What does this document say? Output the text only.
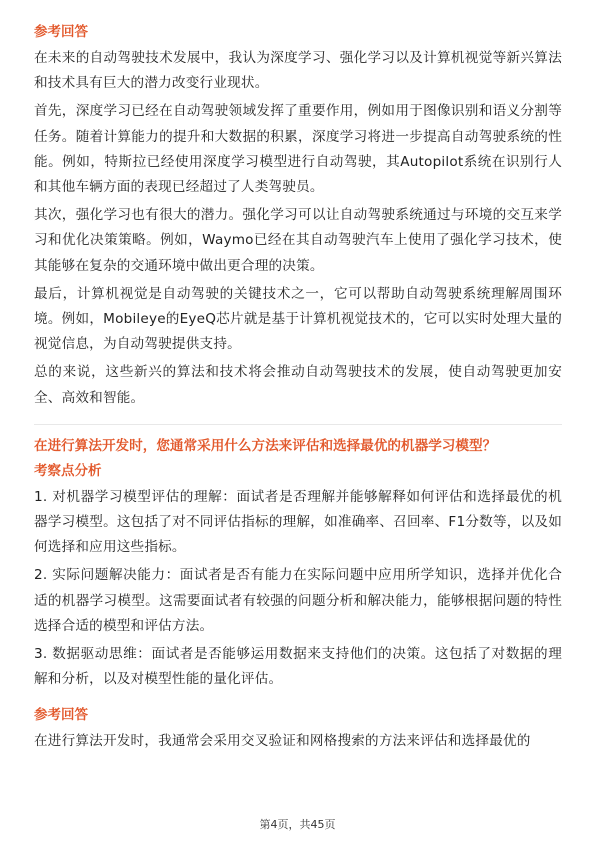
参考回答
在未来的自动驾驶技术发展中，我认为深度学习、强化学习以及计算机视觉等新兴算法和技术具有巨大的潜力改变行业现状。
首先，深度学习已经在自动驾驶领域发挥了重要作用，例如用于图像识别和语义分割等任务。随着计算能力的提升和大数据的积累，深度学习将进一步提高自动驾驶系统的性能。例如，特斯拉已经使用深度学习模型进行自动驾驶，其Autopilot系统在识别行人和其他车辆方面的表现已经超过了人类驾驶员。
其次，强化学习也有很大的潜力。强化学习可以让自动驾驶系统通过与环境的交互来学习和优化决策策略。例如，Waymo已经在其自动驾驶汽车上使用了强化学习技术，使其能够在复杂的交通环境中做出更合理的决策。
最后，计算机视觉是自动驾驶的关键技术之一，它可以帮助自动驾驶系统理解周围环境。例如，Mobileye的EyeQ芯片就是基于计算机视觉技术的，它可以实时处理大量的视觉信息，为自动驾驶提供支持。
总的来说，这些新兴的算法和技术将会推动自动驾驶技术的发展，使自动驾驶更加安全、高效和智能。
在进行算法开发时，您通常采用什么方法来评估和选择最优的机器学习模型？
考察点分析
1. 对机器学习模型评估的理解：面试者是否理解并能够解释如何评估和选择最优的机器学习模型。这包括了对不同评估指标的理解，如准确率、召回率、F1分数等，以及如何选择和应用这些指标。
2. 实际问题解决能力：面试者是否有能力在实际问题中应用所学知识，选择并优化合适的机器学习模型。这需要面试者有较强的问题分析和解决能力，能够根据问题的特性选择合适的模型和评估方法。
3. 数据驱动思维：面试者是否能够运用数据来支持他们的决策。这包括了对数据的理解和分析，以及对模型性能的量化评估。
参考回答
在进行算法开发时，我通常会采用交叉验证和网格搜索的方法来评估和选择最优的
第4页，共45页
